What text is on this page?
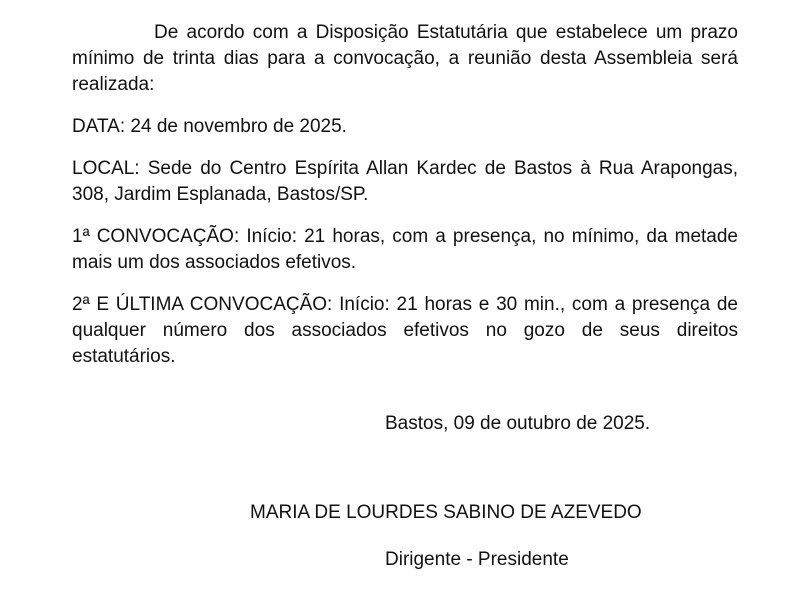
De acordo com a Disposição Estatutária que estabelece um prazo mínimo de trinta dias para a convocação, a reunião desta Assembleia será realizada:

DATA: 24 de novembro de 2025.

LOCAL: Sede do Centro Espírita Allan Kardec de Bastos à Rua Arapongas, 308, Jardim Esplanada, Bastos/SP.

1ª CONVOCAÇÃO: Início: 21 horas, com a presença, no mínimo, da metade mais um dos associados efetivos.

2ª E ÚLTIMA CONVOCAÇÃO: Início: 21 horas e 30 min., com a presença de qualquer número dos associados efetivos no gozo de seus direitos estatutários.

Bastos, 09 de outubro de 2025.
MARIA DE LOURDES SABINO DE AZEVEDO
Dirigente - Presidente
